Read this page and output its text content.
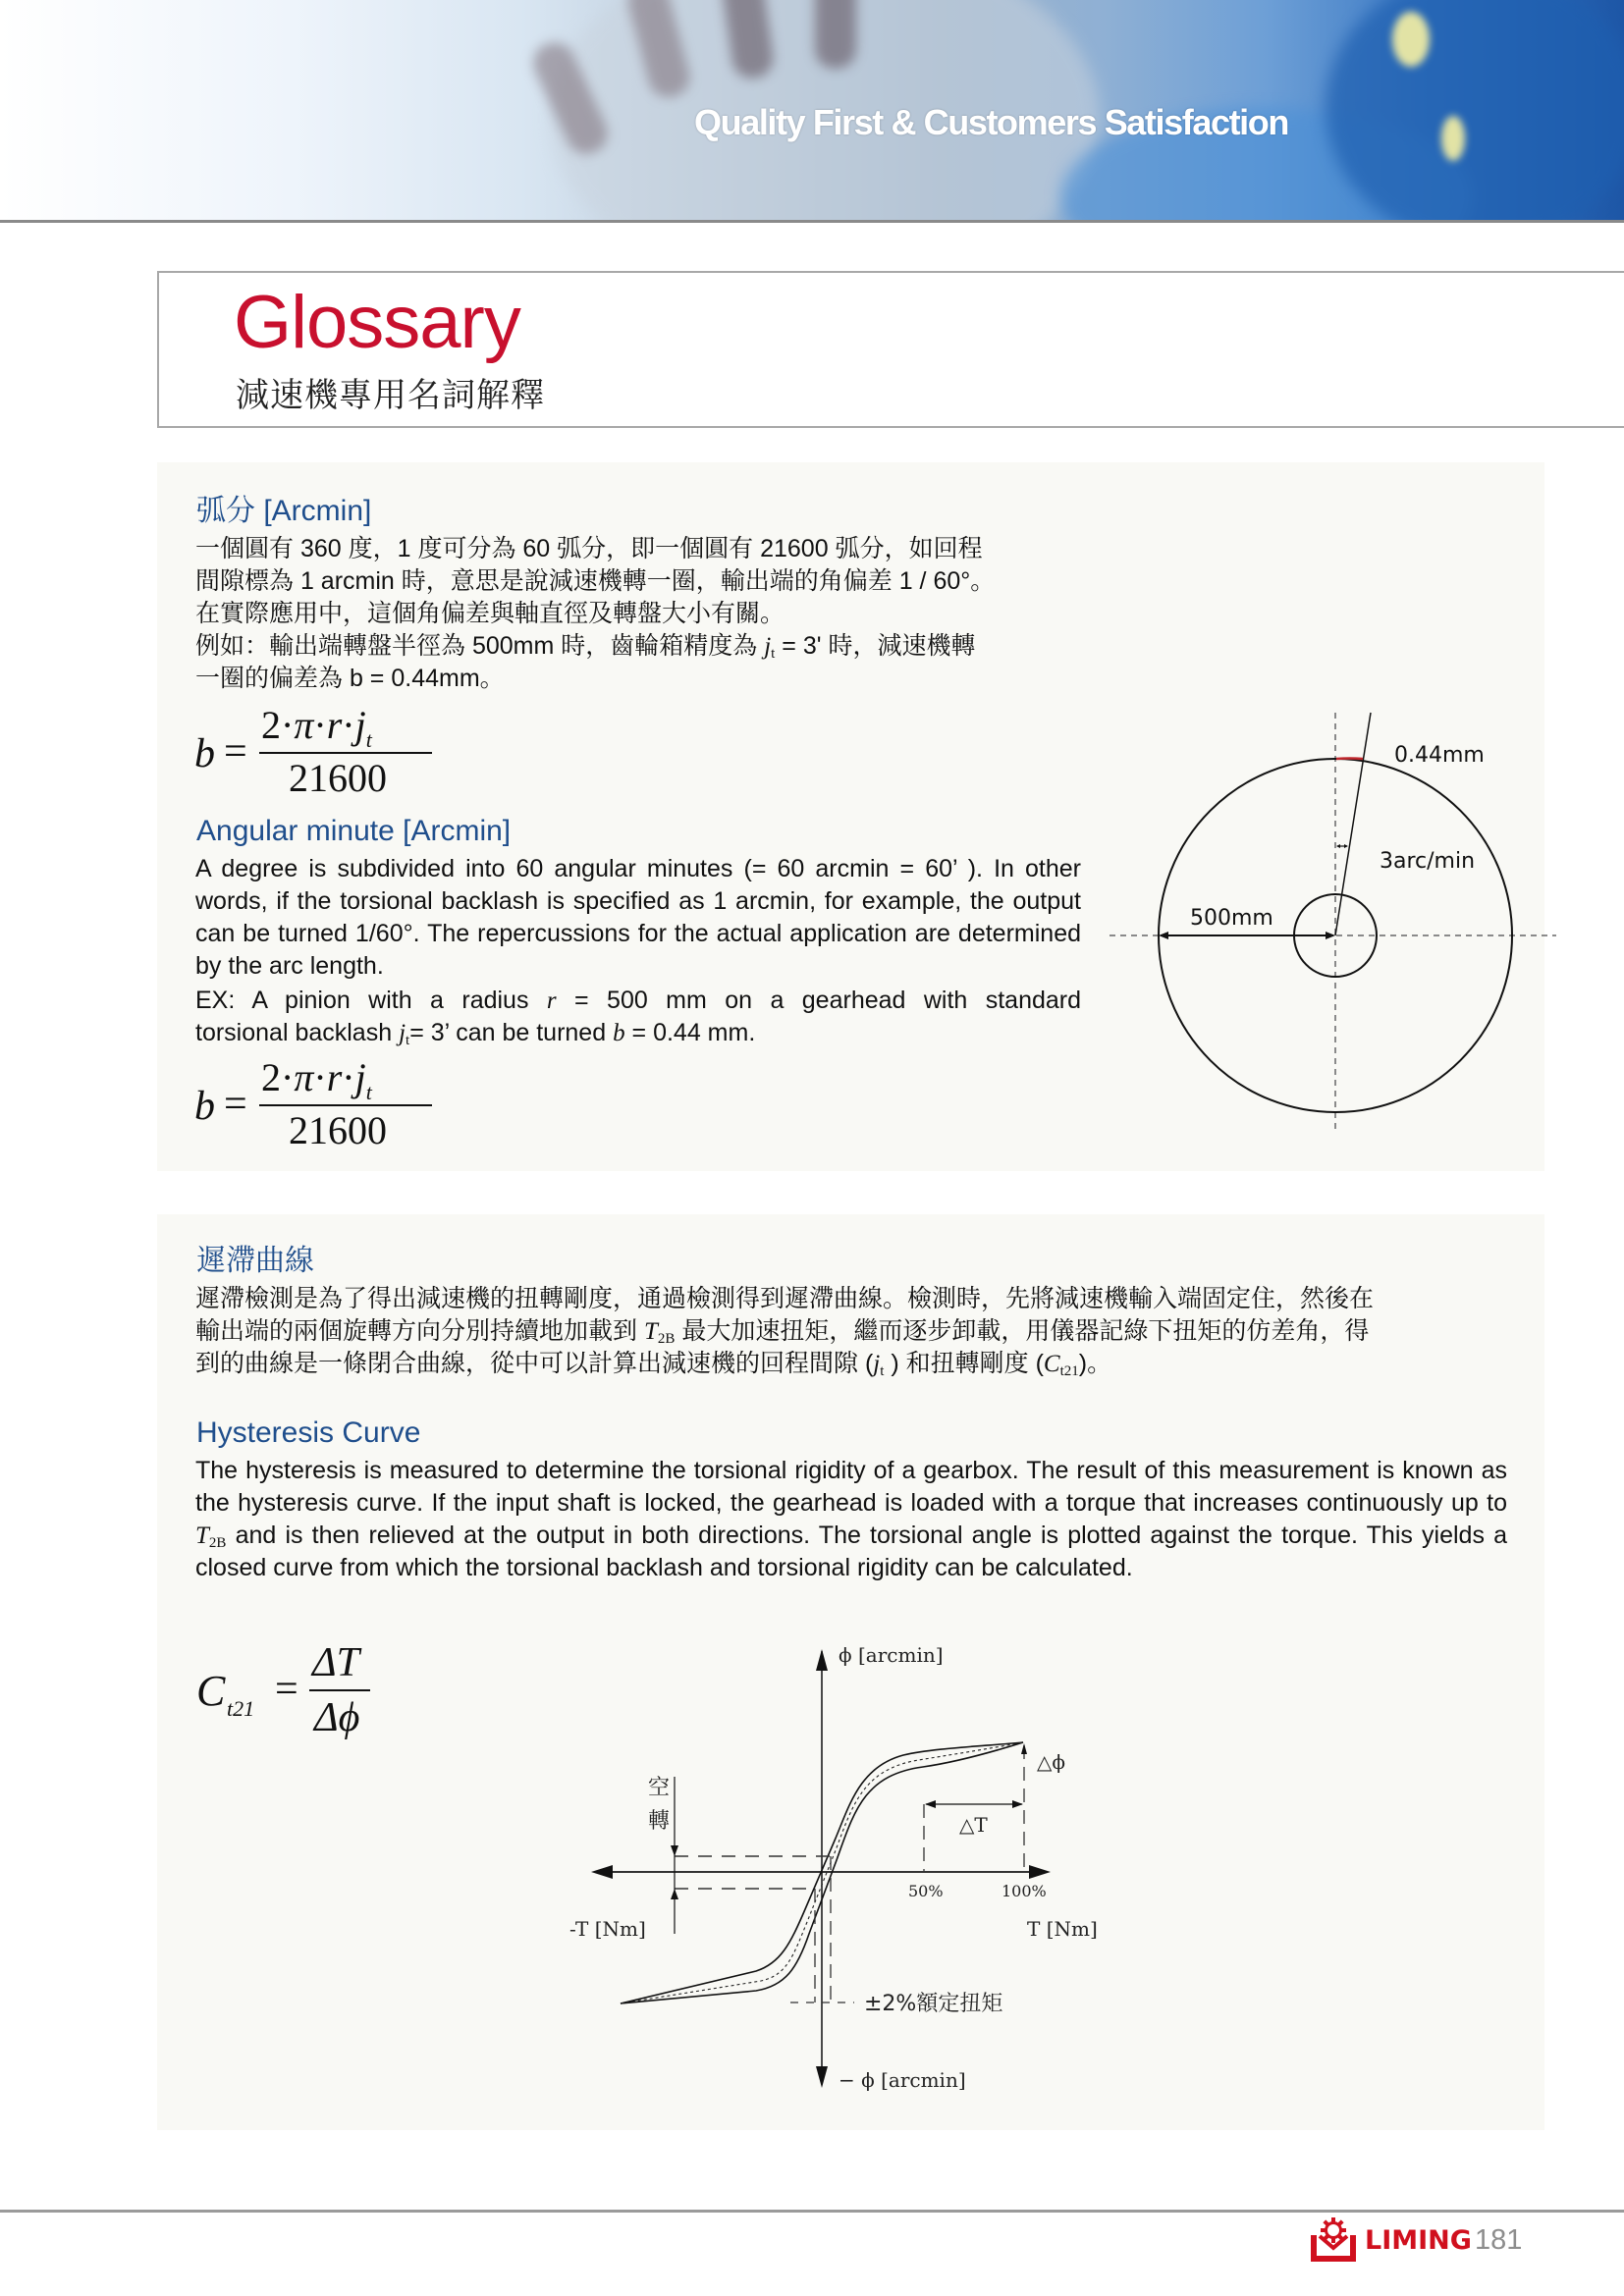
Quality First & Customers Satisfaction
Glossary
減速機專用名詞解釋
弧分 [Arcmin]
一個圓有 360 度，1 度可分為 60 弧分，即一個圓有 21600 弧分，如回程
間隙標為 1 arcmin 時，意思是說減速機轉一圈，輸出端的角偏差 1 / 60°。
在實際應用中，這個角偏差與軸直徑及轉盤大小有關。
例如：輸出端轉盤半徑為 500mm 時，齒輪箱精度為 $j_t = 3'$ 時，減速機轉
一圈的偏差為 b = 0.44mm。
b =
$2\cdot\pi\cdot r\cdot j_t$
21600
Angular minute [Arcmin]
A degree is subdivided into 60 angular minutes (= 60 arcmin = 60’ ). In other words, if the torsional backlash is specified as 1 arcmin, for example, the output can be turned 1/60°. The repercussions for the actual application are determined by the arc length.
EX: A pinion with a radius r = 500 mm on a gearhead with standard
torsional backlash $j_t= 3$’ can be turned b = 0.44 mm.
b =
$2\cdot\pi\cdot r\cdot j_t$
21600
0.44mm
3arc/min
500mm
遲滯曲線
遲滯檢測是為了得出減速機的扭轉剛度，通過檢測得到遲滯曲線。檢測時，先將減速機輸入端固定住，然後在
輸出端的兩個旋轉方向分別持續地加載到 $T_{2B}$ 最大加速扭矩，繼而逐步卸載，用儀器記綠下扭矩的仿差角，得
到的曲線是一條閉合曲線，從中可以計算出減速機的回程間隙 ($j_t$ ) 和扭轉剛度 $(C_{t21})$。
Hysteresis Curve
The hysteresis is measured to determine the torsional rigidity of a gearbox. The result of this measurement is known as the hysteresis curve. If the input shaft is locked, the gearhead is loaded with a torque that increases continuously up to $T_{2B}$ and is then relieved at the output in both directions. The torsional angle is plotted against the torque. This yields a closed curve from which the torsional backlash and torsional rigidity can be calculated.
C t21 =
ΔT
Δϕ
空
轉
±2%額定扭矩
△T
△ϕ
50%	100%
ϕ [arcmin]
− ϕ [arcmin]
-T [Nm]	T [Nm]
LIMING 181
